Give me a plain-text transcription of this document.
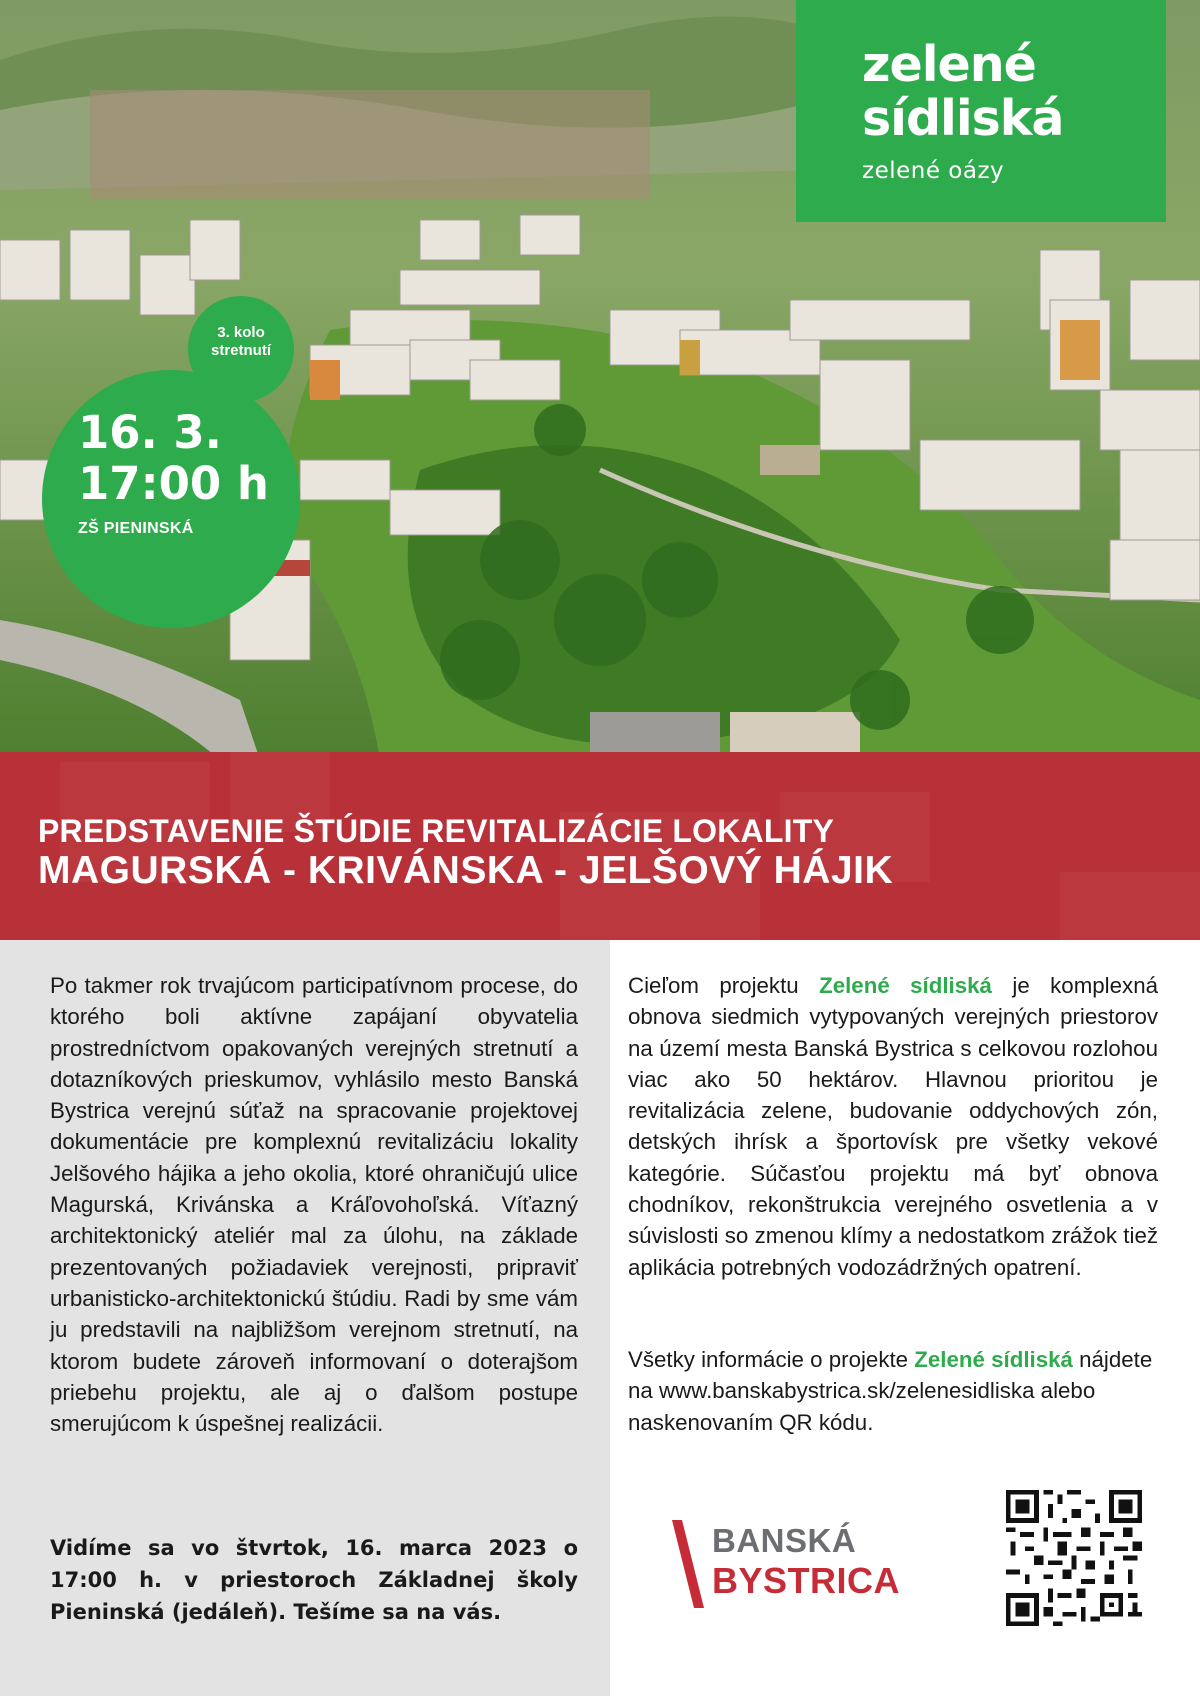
zelené
sídliská
zelené oázy
16. 3.
17:00 h
ZŠ PIENINSKÁ
3. kolo stretnutí
PREDSTAVENIE ŠTÚDIE REVITALIZÁCIE LOKALITY
MAGURSKÁ - KRIVÁNSKA - JELŠOVÝ HÁJIK
Po takmer rok trvajúcom participatívnom procese, do ktorého boli aktívne zapájaní obyvatelia prostredníctvom opakovaných verejných stretnutí a dotazníkových prieskumov, vyhlásilo mesto Banská Bystrica verejnú súťaž na spracovanie projektovej dokumentácie pre komplexnú revitalizáciu lokality Jelšového hájika a jeho okolia, ktoré ohraničujú ulice Magurská, Krivánska a Kráľovohoľská. Víťazný architektonický ateliér mal za úlohu, na základe prezentovaných požiadaviek verejnosti, pripraviť urbanisticko-architektonickú štúdiu. Radi by sme vám ju predstavili na najbližšom verejnom stretnutí, na ktorom budete zároveň informovaní o doterajšom priebehu projektu, ale aj o ďalšom postupe smerujúcom k úspešnej realizácii.
Vidíme sa vo štvrtok, 16. marca 2023 o 17:00 h. v priestoroch Základnej školy Pieninská (jedáleň). Tešíme sa na vás.
Cieľom projektu Zelené sídliská je komplexná obnova siedmich vytypovaných verejných priestorov na území mesta Banská Bystrica s celkovou rozlohou viac ako 50 hektárov. Hlavnou prioritou je revitalizácia zelene, budovanie oddychových zón, detských ihrísk a športovísk pre všetky vekové kategórie. Súčasťou projektu má byť obnova chodníkov, rekonštrukcia verejného osvetlenia a v súvislosti so zmenou klímy a nedostatkom zrážok tiež aplikácia potrebných vodozádržných opatrení.
Všetky informácie o projekte Zelené sídliská nájdete na www.banskabystrica.sk/zelenesidliska alebo naskenovaním QR kódu.
BANSKÁ
BYSTRICA
